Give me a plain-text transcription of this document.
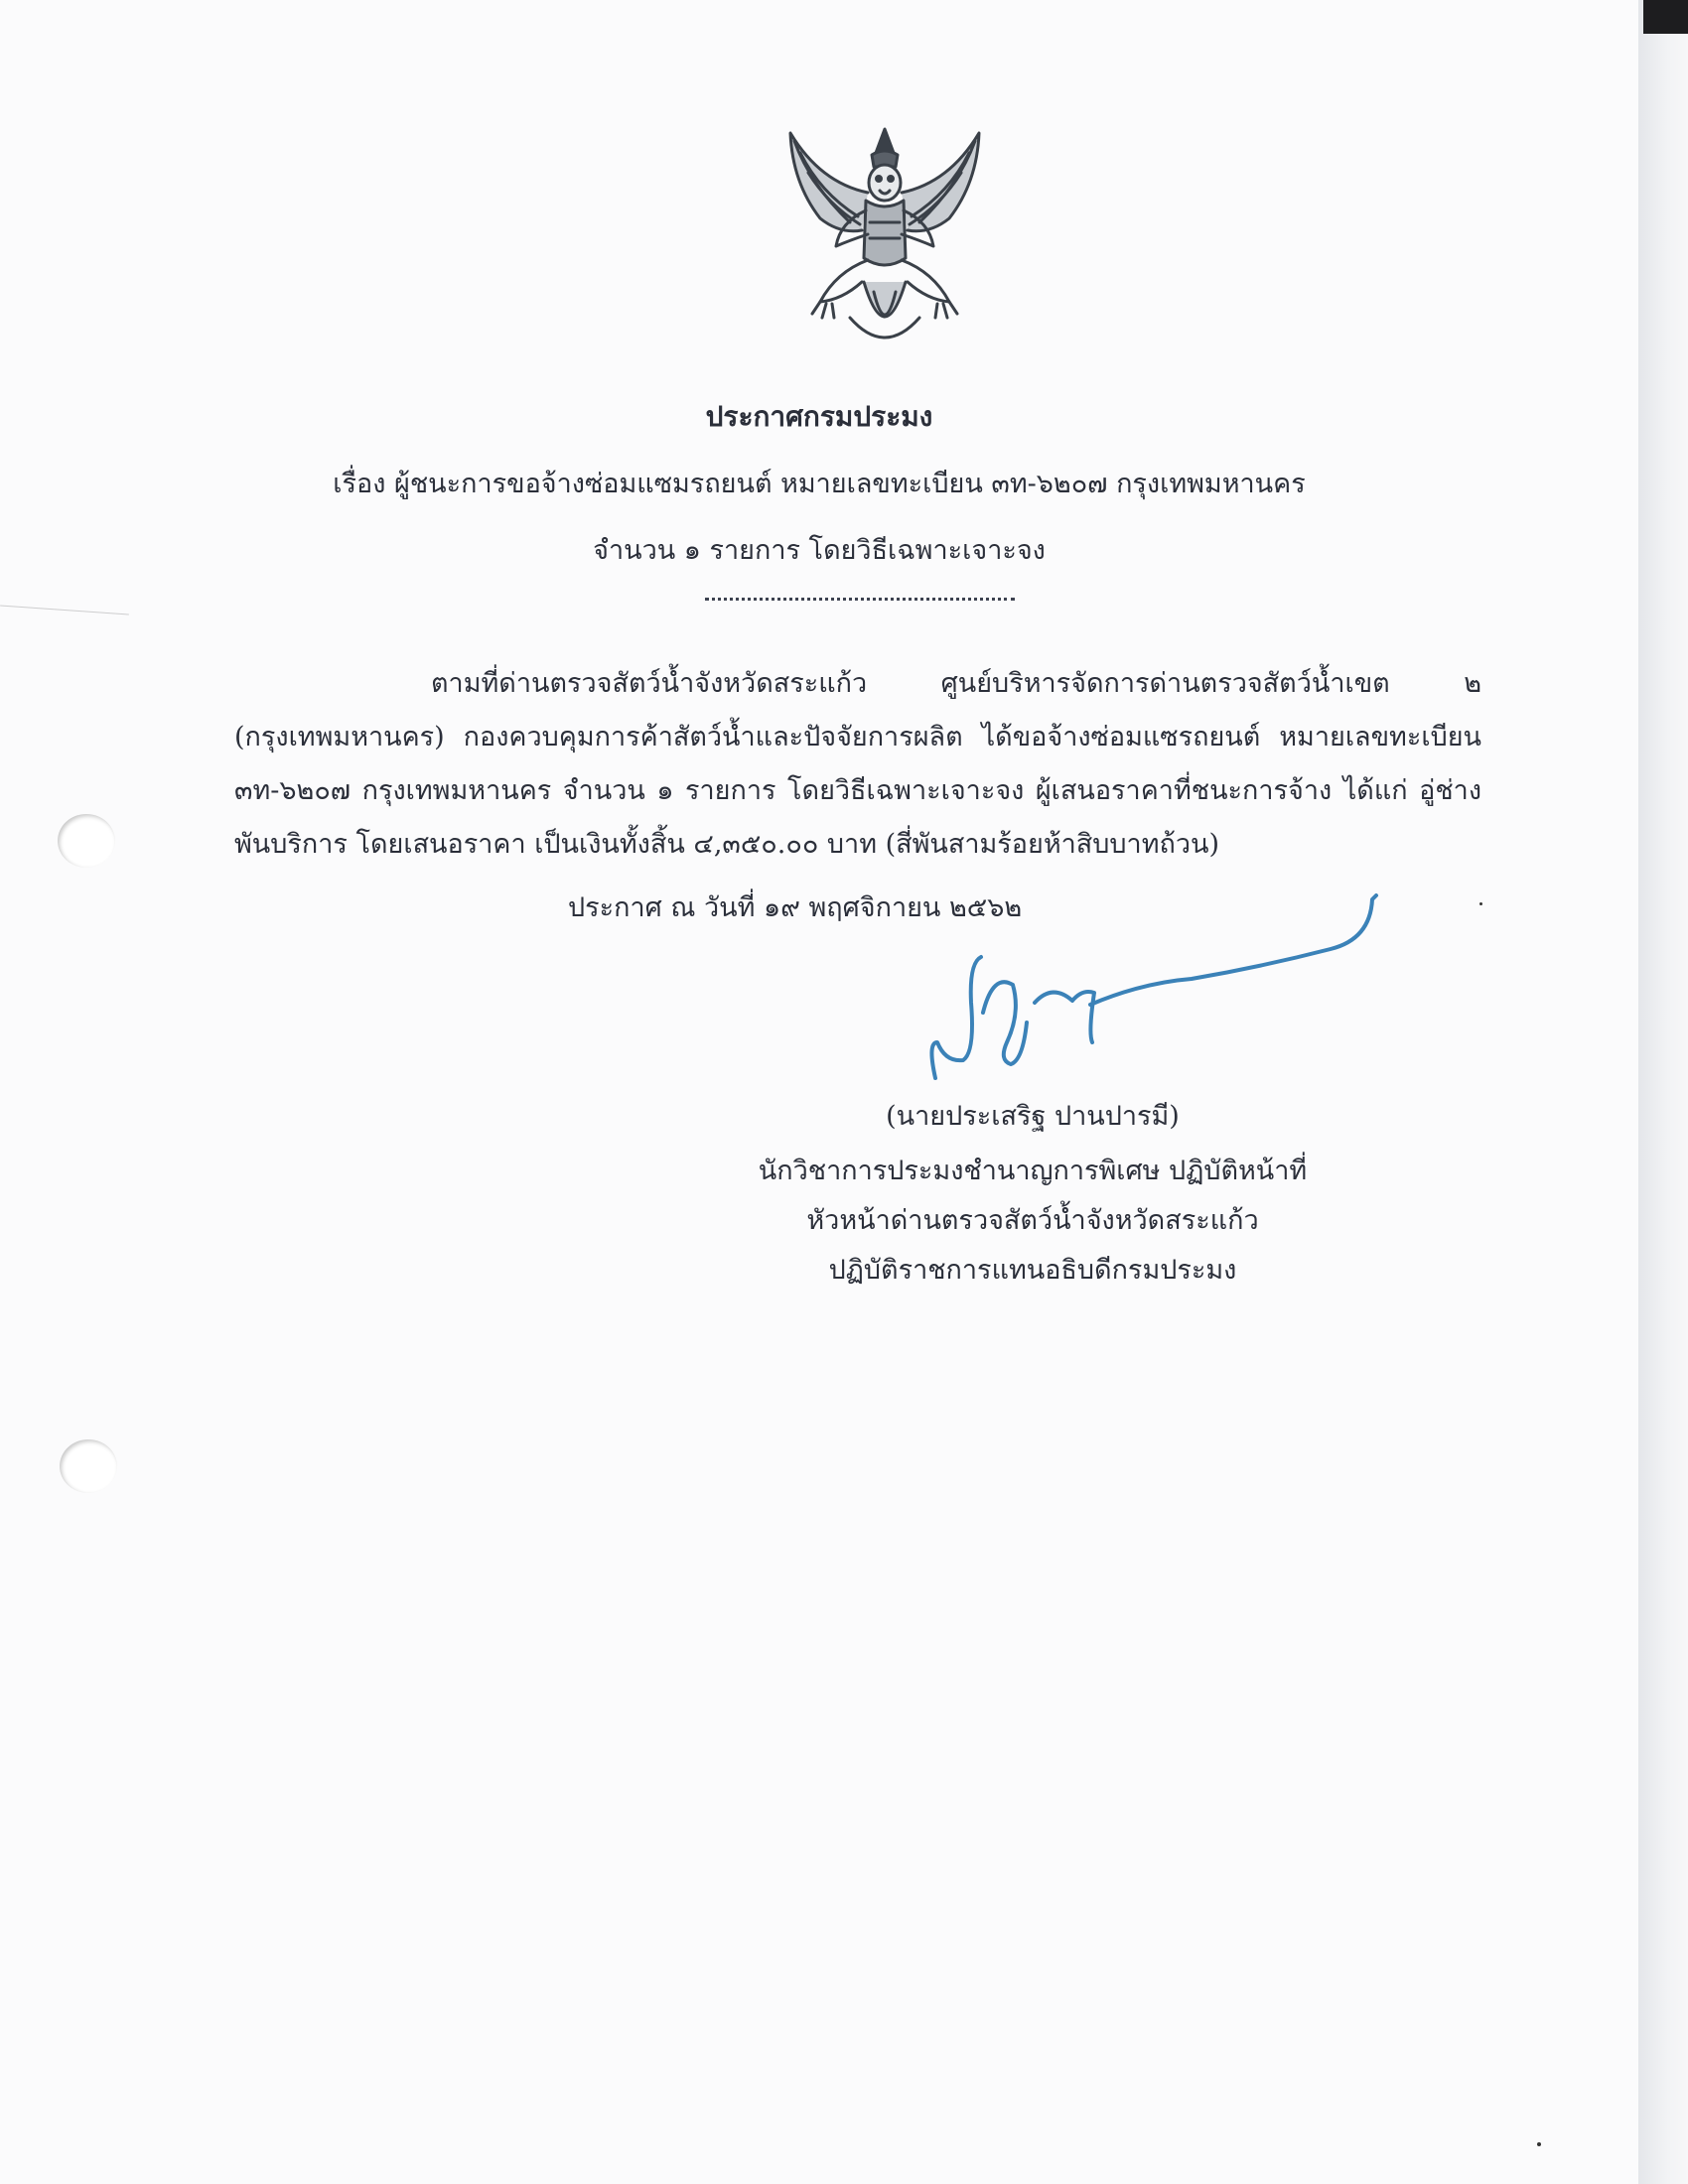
ประกาศกรมประมง
เรื่อง ผู้ชนะการขอจ้างซ่อมแซมรถยนต์ หมายเลขทะเบียน ๓ท-๖๒๐๗ กรุงเทพมหานคร
จำนวน ๑ รายการ โดยวิธีเฉพาะเจาะจง
ตามที่ด่านตรวจสัตว์น้ำจังหวัดสระแก้ว ศูนย์บริหารจัดการด่านตรวจสัตว์น้ำเขต ๒ (กรุงเทพมหานคร) กองควบคุมการค้าสัตว์น้ำและปัจจัยการผลิต ได้ขอจ้างซ่อมแซรถยนต์ หมายเลขทะเบียน ๓ท-๖๒๐๗ กรุงเทพมหานคร จำนวน ๑ รายการ โดยวิธีเฉพาะเจาะจง ผู้เสนอราคาที่ชนะการจ้าง ได้แก่ อู่ช่างพันบริการ โดยเสนอราคา เป็นเงินทั้งสิ้น ๔,๓๕๐.๐๐ บาท (สี่พันสามร้อยห้าสิบบาทถ้วน)
ประกาศ ณ วันที่ ๑๙ พฤศจิกายน ๒๕๖๒
(นายประเสริฐ ปานปารมี)
นักวิชาการประมงชำนาญการพิเศษ ปฏิบัติหน้าที่
หัวหน้าด่านตรวจสัตว์น้ำจังหวัดสระแก้ว
ปฏิบัติราชการแทนอธิบดีกรมประมง
